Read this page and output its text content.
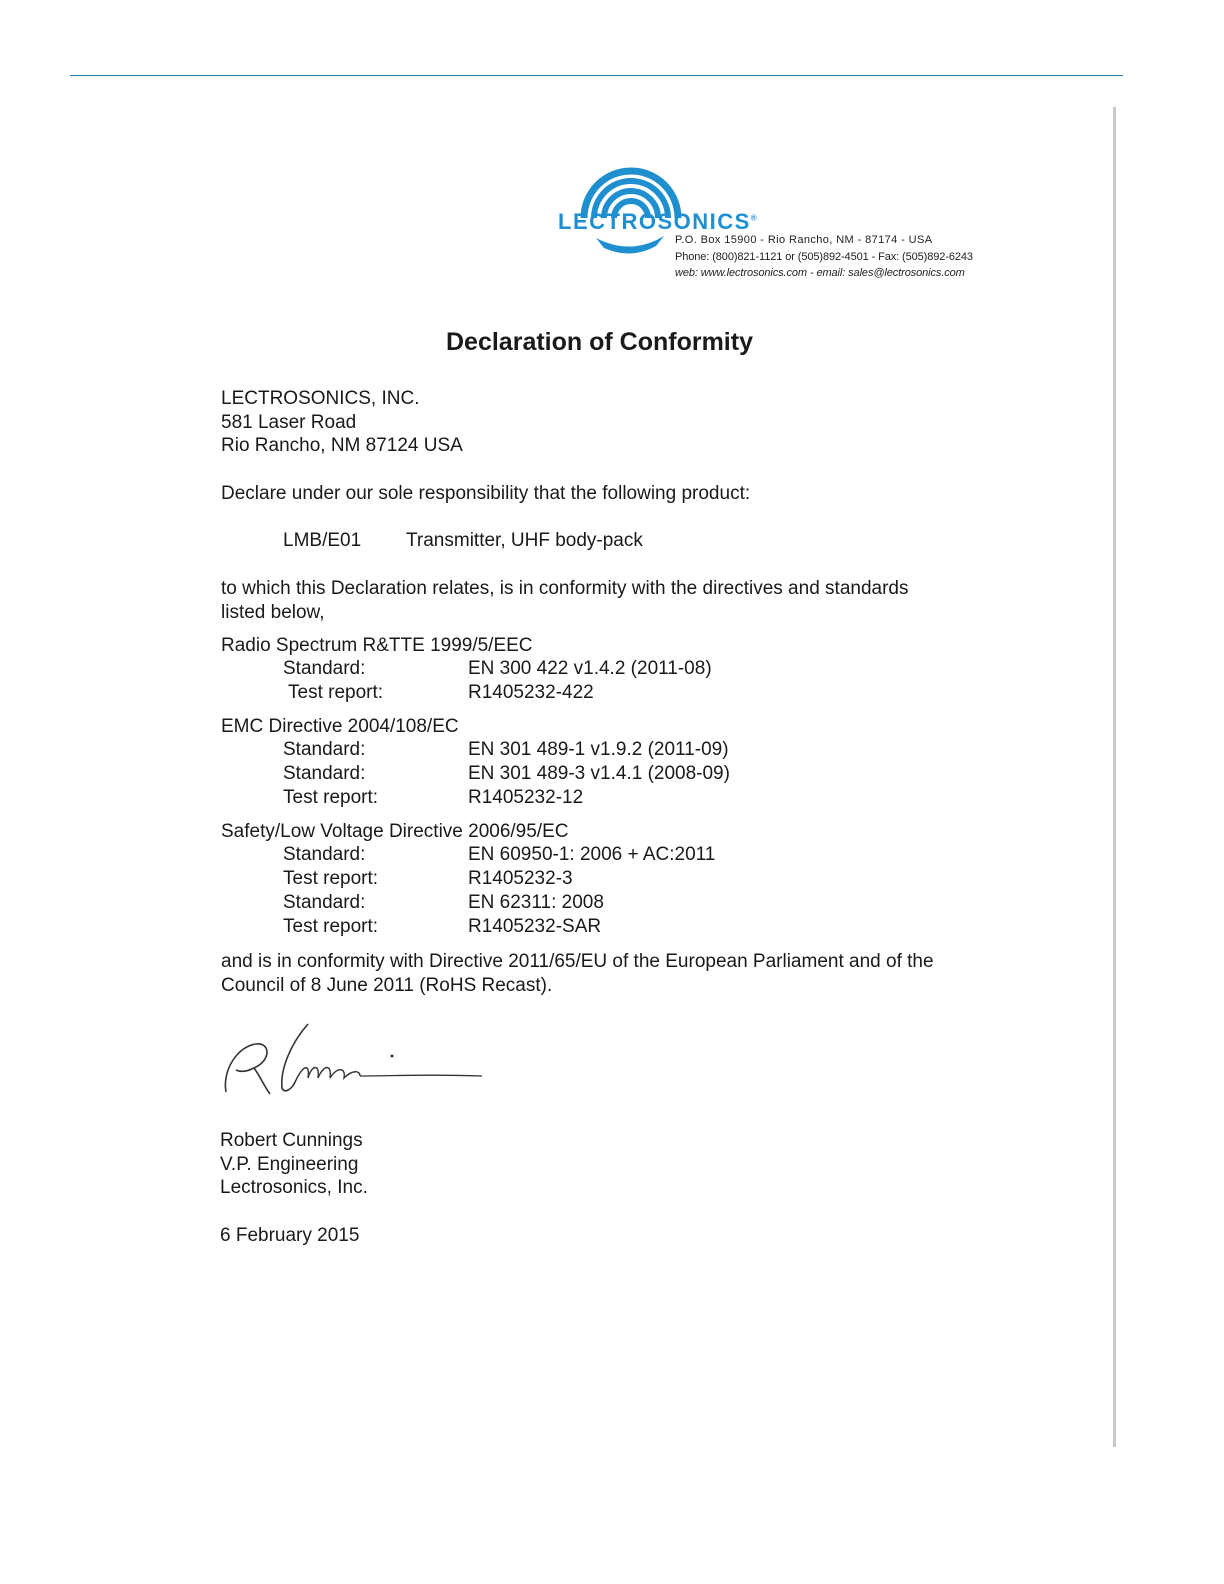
LECTROSONICS®
P.O. Box 15900 - Rio Rancho, NM - 87174 - USA
Phone: (800)821-1121 or (505)892-4501 - Fax: (505)892-6243
web: www.lectrosonics.com - email: sales@lectrosonics.com
Declaration of Conformity
LECTROSONICS, INC.
581 Laser Road
Rio Rancho, NM 87124 USA
Declare under our sole responsibility that the following product:
LMB/E01 Transmitter, UHF body-pack
to which this Declaration relates, is in conformity with the directives and standards
listed below,
Radio Spectrum R&TTE 1999/5/EEC
Standard:	EN 300 422 v1.4.2 (2011-08)
Test report:	R1405232-422
EMC Directive 2004/108/EC
Standard:	EN 301 489-1 v1.9.2 (2011-09)
Standard:	EN 301 489-3 v1.4.1 (2008-09)
Test report:	R1405232-12
Safety/Low Voltage Directive 2006/95/EC
Standard:	EN 60950-1: 2006 + AC:2011
Test report:	R1405232-3
Standard:	EN 62311: 2008
Test report:	R1405232-SAR
and is in conformity with Directive 2011/65/EU of the European Parliament and of the
Council of 8 June 2011 (RoHS Recast).
Robert Cunnings
V.P. Engineering
Lectrosonics, Inc.
6 February 2015
